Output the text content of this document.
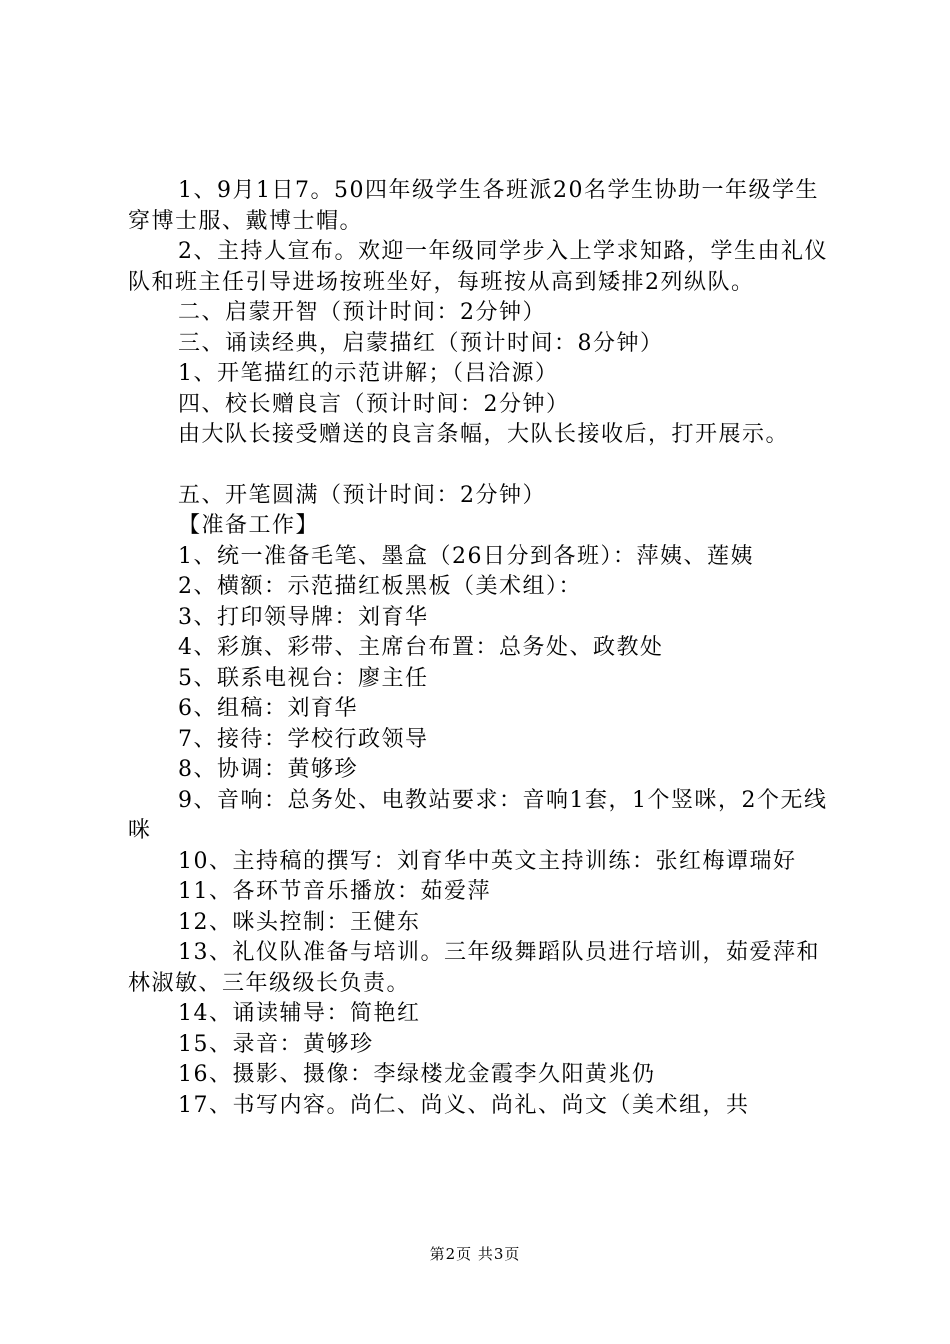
1、9月1日7。50四年级学生各班派20名学生协助一年级学生穿博士服、戴博士帽。

2、主持人宣布。欢迎一年级同学步入上学求知路，学生由礼仪队和班主任引导进场按班坐好，每班按从高到矮排2列纵队。

二、启蒙开智（预计时间：2分钟）

三、诵读经典，启蒙描红（预计时间：8分钟）

1、开笔描红的示范讲解；（吕洽源）

四、校长赠良言（预计时间：2分钟）

由大队长接受赠送的良言条幅，大队长接收后，打开展示。

五、开笔圆满（预计时间：2分钟）

【准备工作】

1、统一准备毛笔、墨盒（26日分到各班）：萍姨、莲姨

2、横额：示范描红板黑板（美术组）：

3、打印领导牌：刘育华

4、彩旗、彩带、主席台布置：总务处、政教处

5、联系电视台：廖主任

6、组稿：刘育华

7、接待：学校行政领导

8、协调：黄够珍

9、音响：总务处、电教站要求：音响1套，1个竖咪，2个无线咪

10、主持稿的撰写：刘育华中英文主持训练：张红梅谭瑞好

11、各环节音乐播放：茹爱萍

12、咪头控制：王健东

13、礼仪队准备与培训。三年级舞蹈队员进行培训，茹爱萍和林淑敏、三年级级长负责。

14、诵读辅导：简艳红

15、录音：黄够珍

16、摄影、摄像：李绿楼龙金霞李久阳黄兆仍

17、书写内容。尚仁、尚义、尚礼、尚文（美术组，共

第2页 共3页
